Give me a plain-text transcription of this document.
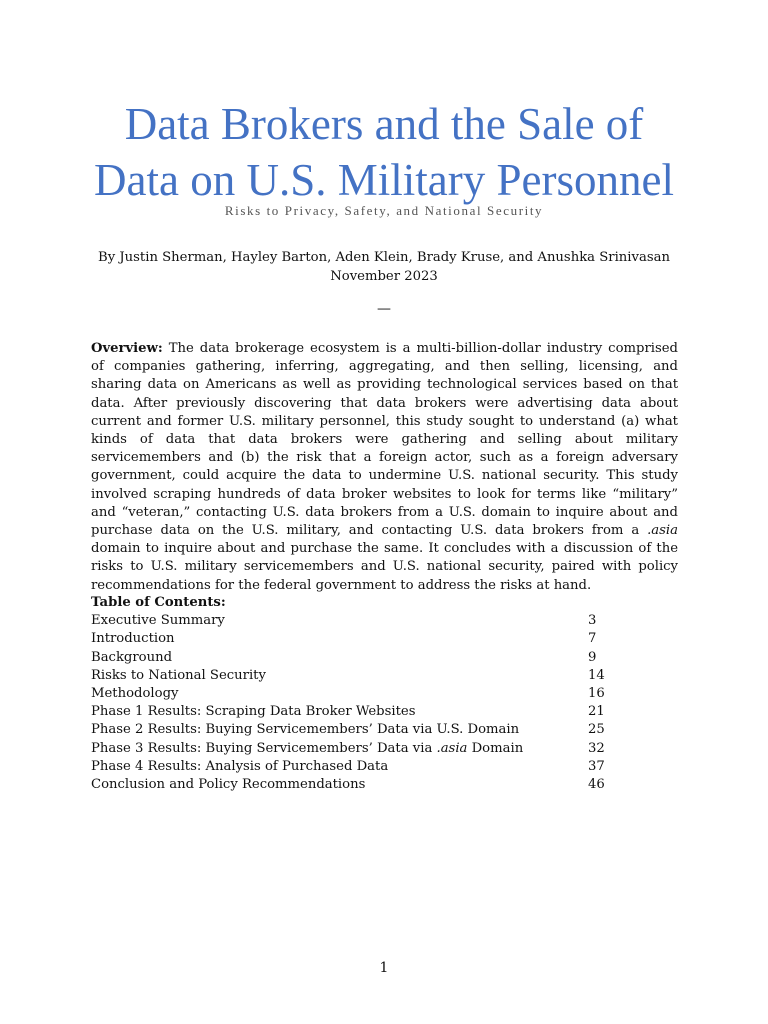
Data Brokers and the Sale of
Data on U.S. Military Personnel
Risks to Privacy, Safety, and National Security
By Justin Sherman, Hayley Barton, Aden Klein, Brady Kruse, and Anushka Srinivasan
November 2023
—

Overview: The data brokerage ecosystem is a multi-billion-dollar industry comprised of companies gathering, inferring, aggregating, and then selling, licensing, and sharing data on Americans as well as providing technological services based on that data. After previously discovering that data brokers were advertising data about current and former U.S. military personnel, this study sought to understand (a) what kinds of data that data brokers were gathering and selling about military servicemembers and (b) the risk that a foreign actor, such as a foreign adversary government, could acquire the data to undermine U.S. national security. This study involved scraping hundreds of data broker websites to look for terms like “military” and “veteran,” contacting U.S. data brokers from a U.S. domain to inquire about and purchase data on the U.S. military, and contacting U.S. data brokers from a .asia domain to inquire about and purchase the same. It concludes with a discussion of the risks to U.S. military servicemembers and U.S. national security, paired with policy recommendations for the federal government to address the risks at hand.

Table of Contents:
Executive Summary	3
Introduction	7
Background	9
Risks to National Security	14
Methodology	16
Phase 1 Results: Scraping Data Broker Websites	21
Phase 2 Results: Buying Servicemembers’ Data via U.S. Domain	25
Phase 3 Results: Buying Servicemembers’ Data via .asia Domain	32
Phase 4 Results: Analysis of Purchased Data	37
Conclusion and Policy Recommendations	46
1
